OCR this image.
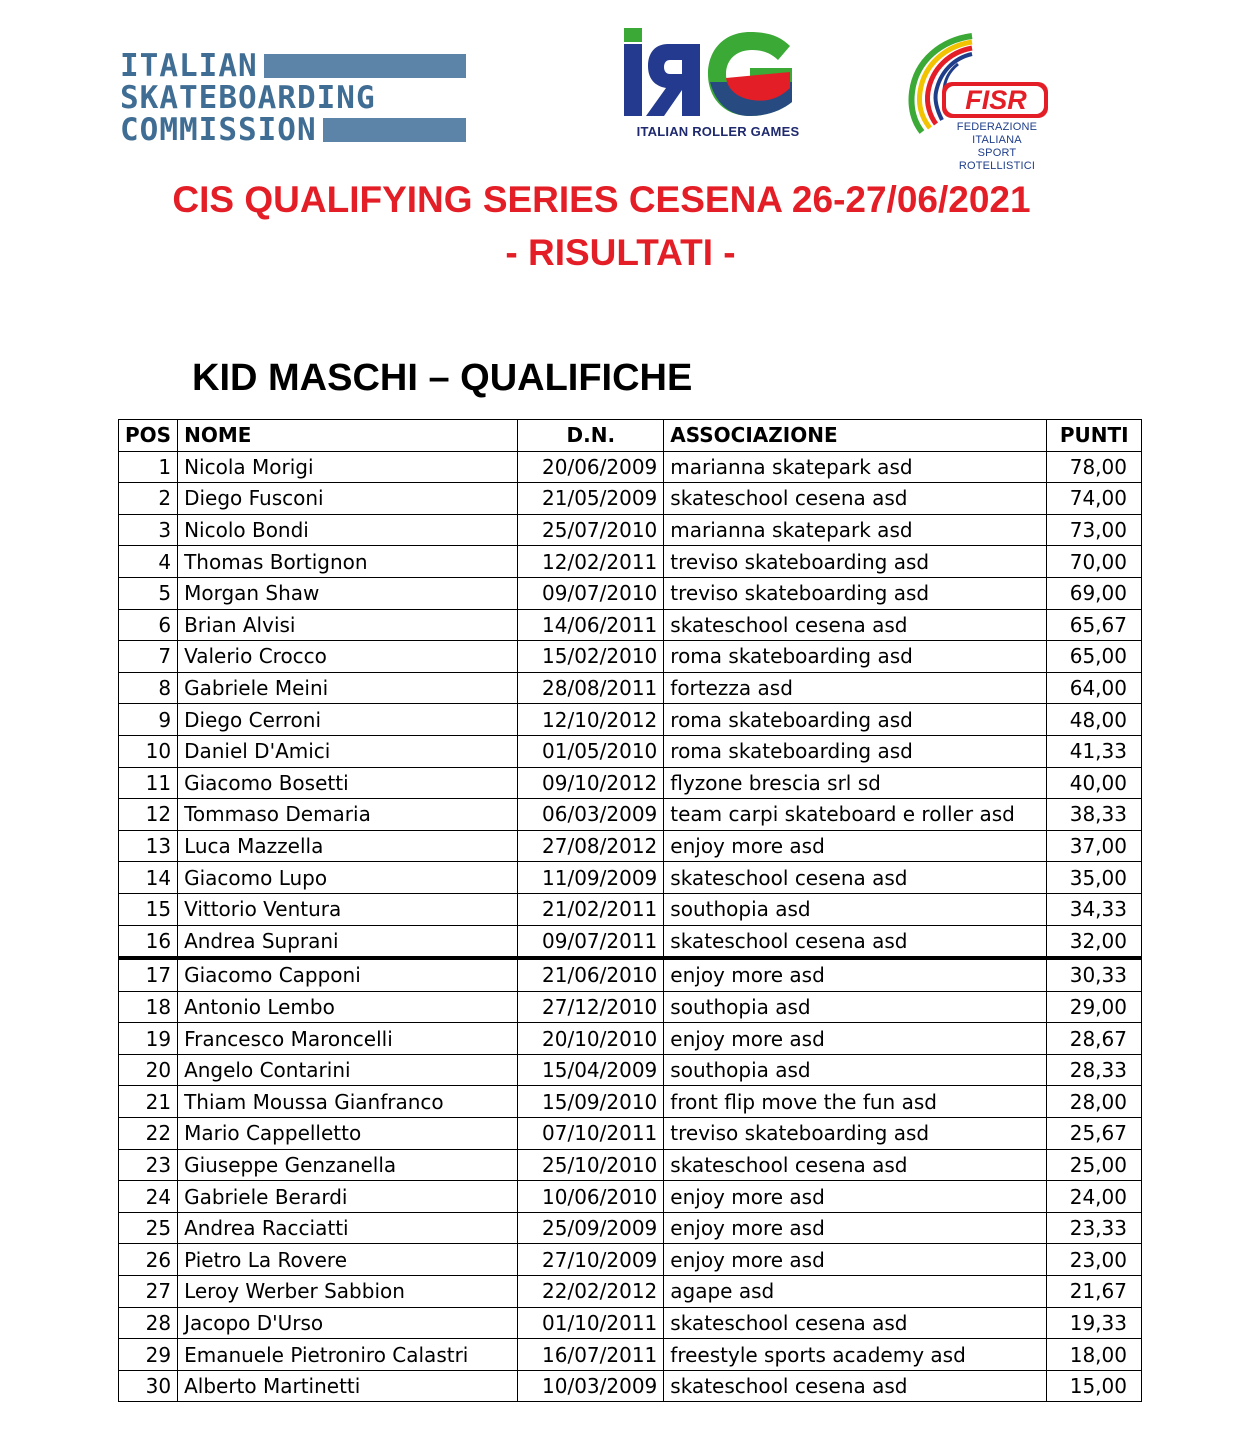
ITALIAN
SKATEBOARDING
COMMISSION	ITALIAN ROLLER GAMES
FISR
FEDERAZIONE ITALIANA
SPORT ROTELLISTICI
CIS QUALIFYING SERIES CESENA 26-27/06/2021
- RISULTATI -
KID MASCHI – QUALIFICHE
POS	NOME	D.N.	ASSOCIAZIONE	PUNTI
1	Nicola Morigi	20/06/2009	marianna skatepark asd	78,00
2	Diego Fusconi	21/05/2009	skateschool cesena asd	74,00
3	Nicolo Bondi	25/07/2010	marianna skatepark asd	73,00
4	Thomas Bortignon	12/02/2011	treviso skateboarding asd	70,00
5	Morgan Shaw	09/07/2010	treviso skateboarding asd	69,00
6	Brian Alvisi	14/06/2011	skateschool cesena asd	65,67
7	Valerio Crocco	15/02/2010	roma skateboarding asd	65,00
8	Gabriele Meini	28/08/2011	fortezza asd	64,00
9	Diego Cerroni	12/10/2012	roma skateboarding asd	48,00
10	Daniel D'Amici	01/05/2010	roma skateboarding asd	41,33
11	Giacomo Bosetti	09/10/2012	flyzone brescia srl sd	40,00
12	Tommaso Demaria	06/03/2009	team carpi skateboard e roller asd	38,33
13	Luca Mazzella	27/08/2012	enjoy more asd	37,00
14	Giacomo Lupo	11/09/2009	skateschool cesena asd	35,00
15	Vittorio Ventura	21/02/2011	southopia asd	34,33
16	Andrea Suprani	09/07/2011	skateschool cesena asd	32,00
17	Giacomo Capponi	21/06/2010	enjoy more asd	30,33
18	Antonio Lembo	27/12/2010	southopia asd	29,00
19	Francesco Maroncelli	20/10/2010	enjoy more asd	28,67
20	Angelo Contarini	15/04/2009	southopia asd	28,33
21	Thiam Moussa Gianfranco	15/09/2010	front flip move the fun asd	28,00
22	Mario Cappelletto	07/10/2011	treviso skateboarding asd	25,67
23	Giuseppe Genzanella	25/10/2010	skateschool cesena asd	25,00
24	Gabriele Berardi	10/06/2010	enjoy more asd	24,00
25	Andrea Racciatti	25/09/2009	enjoy more asd	23,33
26	Pietro La Rovere	27/10/2009	enjoy more asd	23,00
27	Leroy Werber Sabbion	22/02/2012	agape asd	21,67
28	Jacopo D'Urso	01/10/2011	skateschool cesena asd	19,33
29	Emanuele Pietroniro Calastri	16/07/2011	freestyle sports academy asd	18,00
30	Alberto Martinetti	10/03/2009	skateschool cesena asd	15,00
